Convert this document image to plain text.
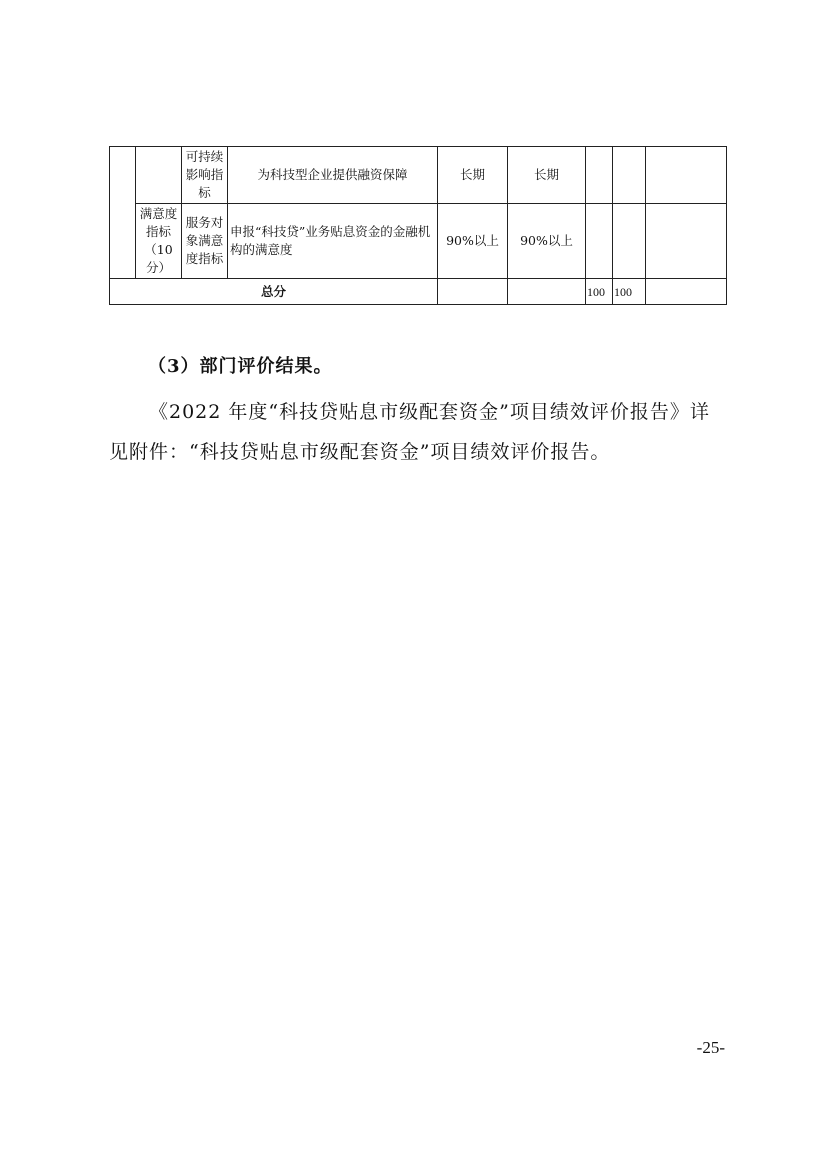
		可持续影响指标	为科技型企业提供融资保障	长期	长期			
	满意度指标（10分）	服务对象满意度指标	申报“科技贷”业务贴息资金的金融机构的满意度	90%以上	90%以上			
总分						100	100	
（3）部门评价结果。
《2022 年度“科技贷贴息市级配套资金”项目绩效评价报告》详见附件：“科技贷贴息市级配套资金”项目绩效评价报告。
-25-
